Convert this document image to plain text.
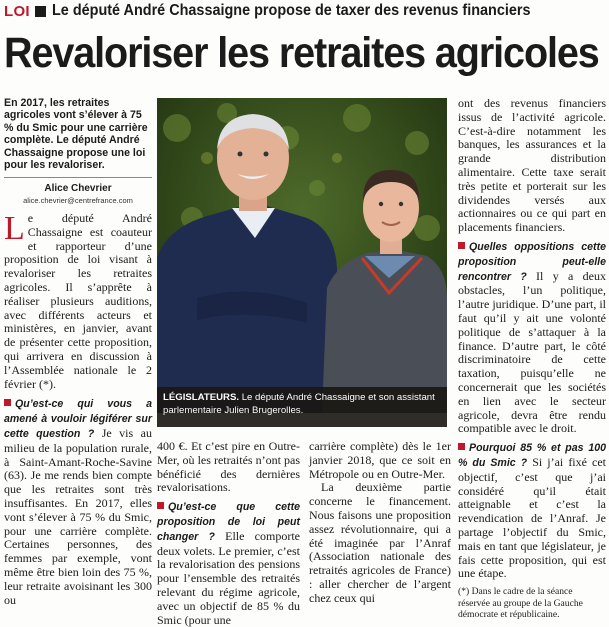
LOI Le député André Chassaigne propose de taxer des revenus financiers
Revaloriser les retraites agricoles
En 2017, les retraites agricoles vont s’élever à 75 % du Smic pour une carrière complète. Le député André Chassaigne propose une loi pour les revaloriser.
Alice Chevrier
alice.chevrier@centrefrance.com

Le député André Chassaigne est coauteur et rapporteur d’une proposition de loi visant à revaloriser les retraites agricoles. Il s’apprête à réaliser plusieurs auditions, avec différents acteurs et ministères, en janvier, avant de présenter cette proposition, qui arrivera en discussion à l’Assemblée nationale le 2 février (*).

Qu’est-ce qui vous a amené à vouloir légiférer sur cette question ? Je vis au milieu de la population rurale, à Saint-Amant-Roche-Savine (63). Je me rends bien compte que les retraites sont très insuffisantes. En 2017, elles vont s’élever à 75 % du Smic, pour une carrière complète. Certaines personnes, des femmes par exemple, vont même être bien loin des 75 %, leur retraite avoisinant les 300 ou

LÉGISLATEURS. Le député André Chassaigne et son assistant parlementaire Julien Brugerolles.

400 €. Et c’est pire en Outre-Mer, où les retraités n’ont pas bénéficié des dernières revalorisations.

Qu’est-ce que cette proposition de loi peut changer ? Elle comporte deux volets. Le premier, c’est la revalorisation des pensions pour l’ensemble des retraités relevant du régime agricole, avec un objectif de 85 % du Smic (pour une

carrière complète) dès le 1er janvier 2018, que ce soit en Métropole ou en Outre-Mer.

La deuxième partie concerne le financement. Nous faisons une proposition assez révolutionnaire, qui a été imaginée par l’Anraf (Association nationale des retraités agricoles de France) : aller chercher de l’argent chez ceux qui

ont des revenus financiers issus de l’activité agricole. C’est-à-dire notamment les banques, les assurances et la grande distribution alimentaire. Cette taxe serait très petite et porterait sur les dividendes versés aux actionnaires ou ce qui part en placements financiers.

Quelles oppositions cette proposition peut-elle rencontrer ? Il y a deux obstacles, l’un politique, l’autre juridique. D’une part, il faut qu’il y ait une volonté politique de s’attaquer à la finance. D’autre part, le côté discriminatoire de cette taxation, puisqu’elle ne concernerait que les sociétés en lien avec le secteur agricole, devra être rendu compatible avec le droit.

Pourquoi 85 % et pas 100 % du Smic ? Si j’ai fixé cet objectif, c’est que j’ai considéré qu’il était atteignable et c’est la revendication de l’Anraf. Je partage l’objectif du Smic, mais en tant que législateur, je fais cette proposition, qui est une étape.

(*) Dans le cadre de la séance réservée au groupe de la Gauche démocrate et républicaine.
